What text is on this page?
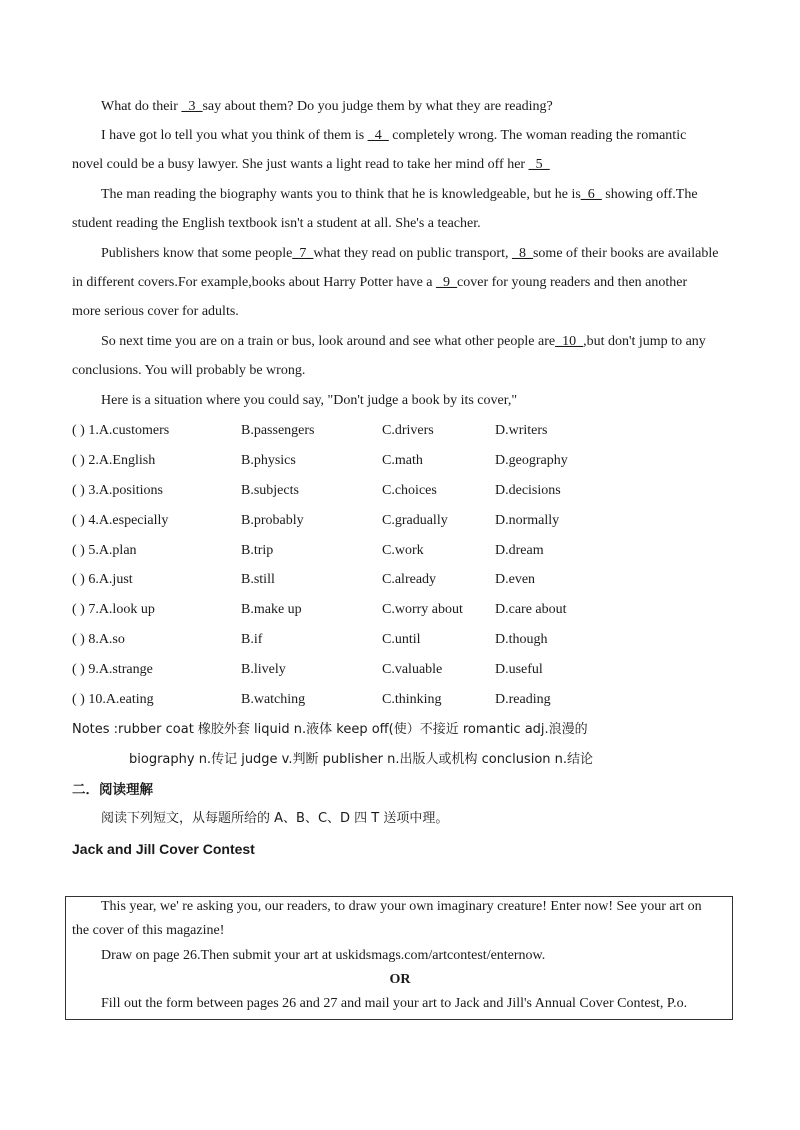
What do their _3_say about them? Do you judge them by what they are reading?
I have got lo tell you what you think of them is _4_ completely wrong. The woman reading the romantic
novel could be a busy lawyer. She just wants a light read to take her mind off her _5_
The man reading the biography wants you to think that he is knowledgeable, but he is_6_ showing off.The
student reading the English textbook isn't a student at all. She's a teacher.
Publishers know that some people_7_what they read on public transport, _8_some of their books are available
in different covers.For example,books about Harry Potter have a _9_cover for young readers and then another
more serious cover for adults.
So next time you are on a train or bus, look around and see what other people are_10_,but don't jump to any
conclusions. You will probably be wrong.
Here is a situation where you could say, "Don't judge a book by its cover,"
( ) 1.A.customers	B.passengers	C.drivers	D.writers
( ) 2.A.English	B.physics	C.math	D.geography
( ) 3.A.positions	B.subjects	C.choices	D.decisions
( ) 4.A.especially	B.probably	C.gradually	D.normally
( ) 5.A.plan	B.trip	C.work	D.dream
( ) 6.A.just	B.still	C.already	D.even
( ) 7.A.look up	B.make up	C.worry about D.care about
( ) 8.A.so	B.if	C.until	D.though
( ) 9.A.strange	B.lively	C.valuable	D.useful
( ) 10.A.eating	B.watching	C.thinking	D.reading
Notes :rubber coat 橡胶外套 liquid n.液体 keep off(使）不接近 romantic adj.浪漫的
biography n.传记 judge v.判断 publisher n.出版人或机构 conclusion n.结论
二．阅读理解
阅读下列短文，从每题所给的 A、B、C、D 四 T 送项中理。
Jack and Jill Cover Contest
This year, we' re asking you, our readers, to draw your own imaginary creature! Enter now! See your art on
the cover of this magazine!
Draw on page 26.Then submit your art at uskidsmags.com/artcontest/enternow.
OR
Fill out the form between pages 26 and 27 and mail your art to Jack and Jill's Annual Cover Contest, P.o.
